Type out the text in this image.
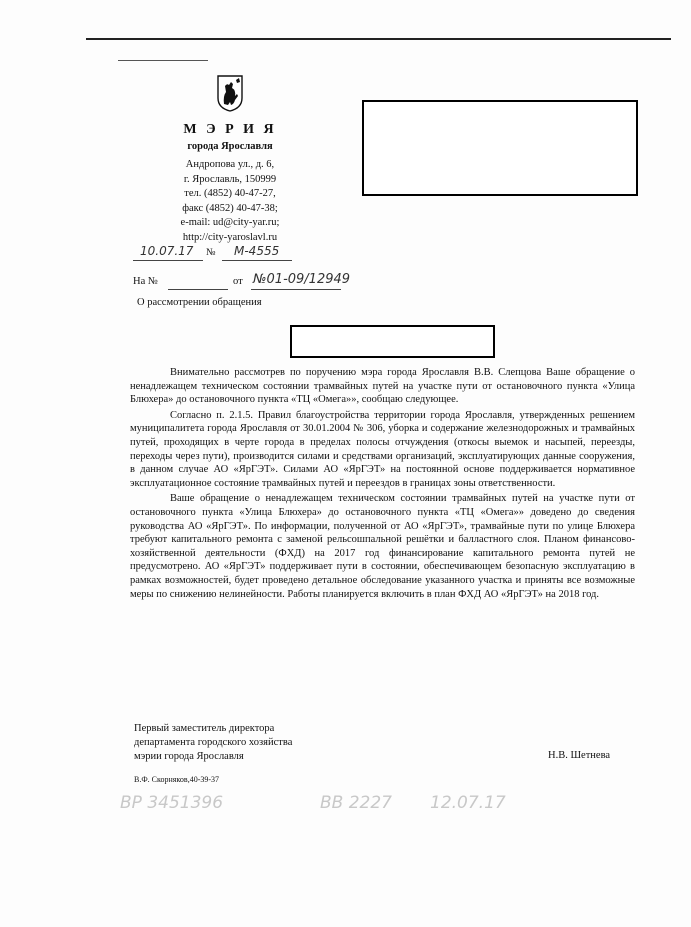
М Э Р И Я
города Ярославля
Андропова ул., д. 6,
г. Ярославль, 150999
тел. (4852) 40-47-27,
факс (4852) 40-47-38;
e-mail: ud@city-yar.ru;
http://city-yaroslavl.ru
10.07.17 № М-4555
На №	от №01-09/12949
О рассмотрении обращения

Внимательно рассмотрев по поручению мэра города Ярославля В.В. Слепцова Ваше обращение о ненадлежащем техническом состоянии трамвайных путей на участке пути от остановочного пункта «Улица Блюхера» до остановочного пункта «ТЦ «Омега»», сообщаю следующее.

Согласно п. 2.1.5. Правил благоустройства территории города Ярославля, утвержденных решением муниципалитета города Ярославля от 30.01.2004 № 306, уборка и содержание железнодорожных и трамвайных путей, проходящих в черте города в пределах полосы отчуждения (откосы выемок и насыпей, переезды, переходы через пути), производится силами и средствами организаций, эксплуатирующих данные сооружения, в данном случае АО «ЯрГЭТ». Силами АО «ЯрГЭТ» на постоянной основе поддерживается нормативное эксплуатационное состояние трамвайных путей и переездов в границах зоны ответственности.

Ваше обращение о ненадлежащем техническом состоянии трамвайных путей на участке пути от остановочного пункта «Улица Блюхера» до остановочного пункта «ТЦ «Омега»» доведено до сведения руководства АО «ЯрГЭТ». По информации, полученной от АО «ЯрГЭТ», трамвайные пути по улице Блюхера требуют капитального ремонта с заменой рельсошпальной решётки и балластного слоя. Планом финансово-хозяйственной деятельности (ФХД) на 2017 год финансирование капитального ремонта путей не предусмотрено. АО «ЯрГЭТ» поддерживает пути в состоянии, обеспечивающем безопасную эксплуатацию в рамках возможностей, будет проведено детальное обследование указанного участка и приняты все возможные меры по снижению нелинейности. Работы планируется включить в план ФХД АО «ЯрГЭТ» на 2018 год.

Первый заместитель директора
департамента городского хозяйства
мэрии города Ярославля	Н.В. Шетнева
В.Ф. Скорняков,40-39-37
ВР 3451396	ВВ 2227 12.07.17
